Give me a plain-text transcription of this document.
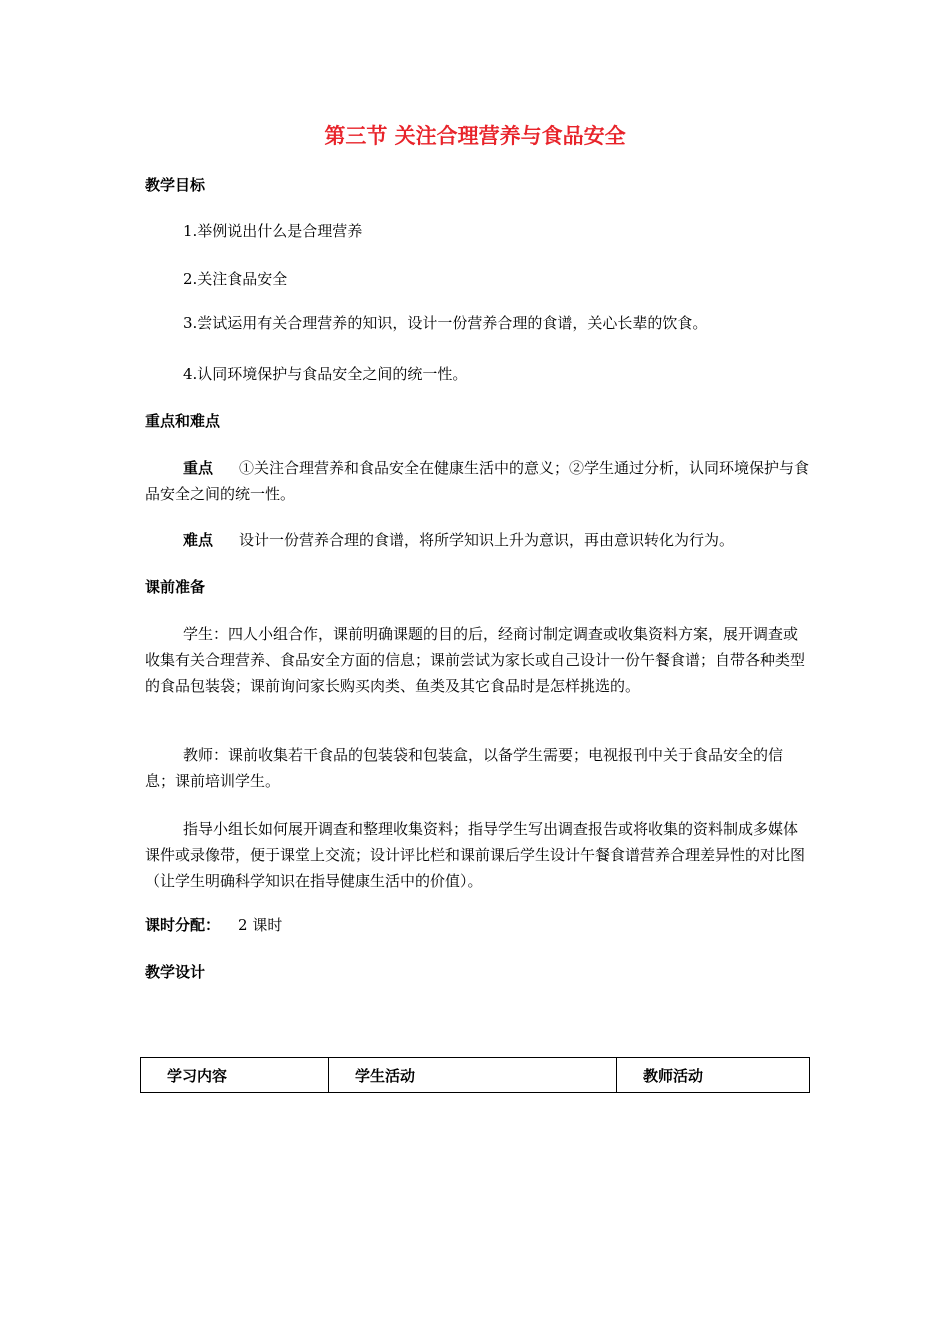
第三节 关注合理营养与食品安全
教学目标
1.举例说出什么是合理营养
2.关注食品安全
3.尝试运用有关合理营养的知识，设计一份营养合理的食谱，关心长辈的饮食。
4.认同环境保护与食品安全之间的统一性。
重点和难点
重点 ①关注合理营养和食品安全在健康生活中的意义；②学生通过分析，认同环境保护与食品安全之间的统一性。
难点 设计一份营养合理的食谱，将所学知识上升为意识，再由意识转化为行为。
课前准备
学生：四人小组合作，课前明确课题的目的后，经商讨制定调查或收集资料方案，展开调查或收集有关合理营养、食品安全方面的信息；课前尝试为家长或自己设计一份午餐食谱；自带各种类型的食品包装袋；课前询问家长购买肉类、鱼类及其它食品时是怎样挑选的。
教师：课前收集若干食品的包装袋和包装盒，以备学生需要；电视报刊中关于食品安全的信息；课前培训学生。
指导小组长如何展开调查和整理收集资料；指导学生写出调查报告或将收集的资料制成多媒体课件或录像带，便于课堂上交流；设计评比栏和课前课后学生设计午餐食谱营养合理差异性的对比图（让学生明确科学知识在指导健康生活中的价值）。
课时分配： 2 课时
教学设计
学习内容	学生活动	教师活动
